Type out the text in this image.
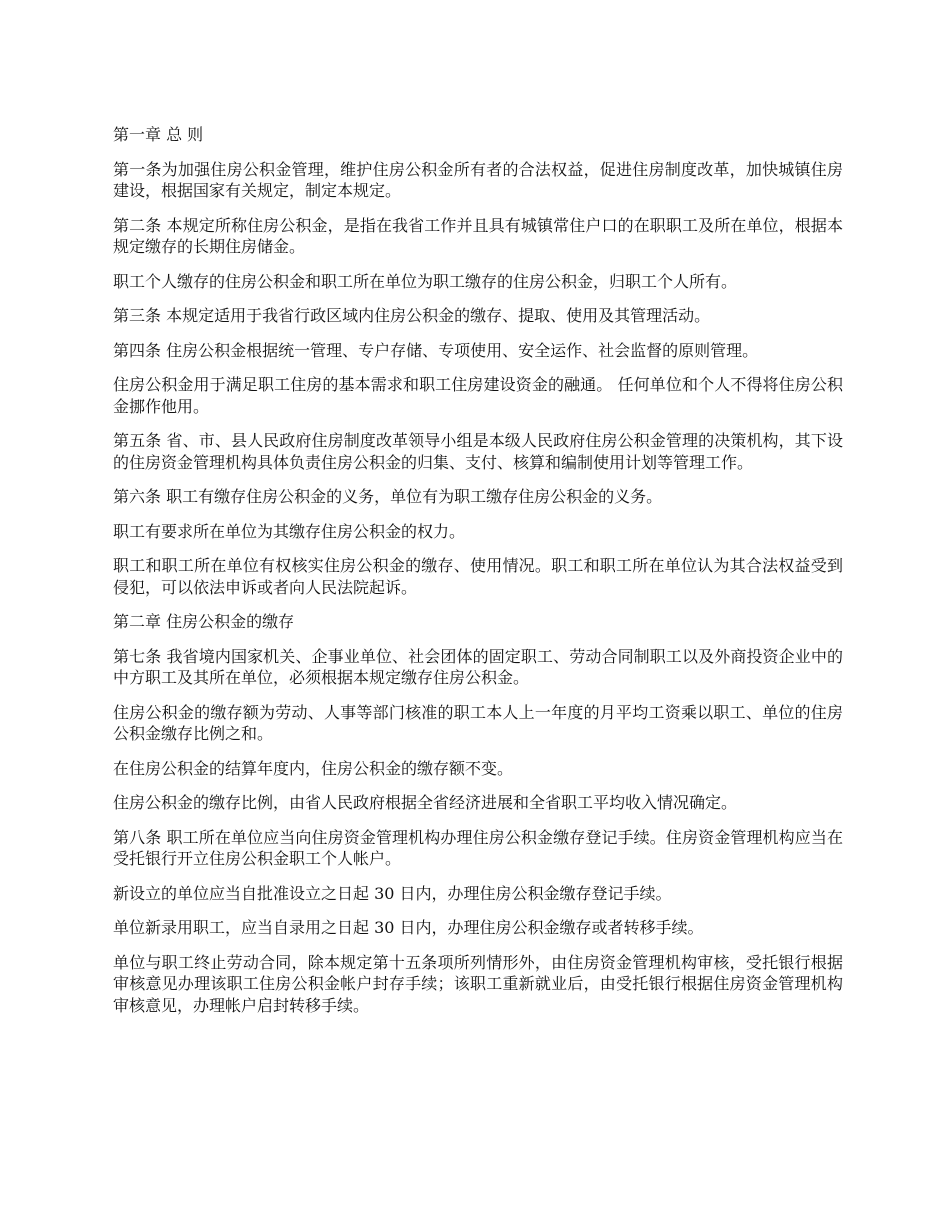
第一章 总 则

第一条为加强住房公积金管理，维护住房公积金所有者的合法权益，促进住房制度改革，加快城镇住房建设，根据国家有关规定，制定本规定。

第二条 本规定所称住房公积金，是指在我省工作并且具有城镇常住户口的在职职工及所在单位，根据本规定缴存的长期住房储金。

职工个人缴存的住房公积金和职工所在单位为职工缴存的住房公积金，归职工个人所有。

第三条 本规定适用于我省行政区域内住房公积金的缴存、提取、使用及其管理活动。

第四条 住房公积金根据统一管理、专户存储、专项使用、安全运作、社会监督的原则管理。

住房公积金用于满足职工住房的基本需求和职工住房建设资金的融通。 任何单位和个人不得将住房公积金挪作他用。

第五条 省、市、县人民政府住房制度改革领导小组是本级人民政府住房公积金管理的决策机构，其下设的住房资金管理机构具体负责住房公积金的归集、支付、核算和编制使用计划等管理工作。

第六条 职工有缴存住房公积金的义务，单位有为职工缴存住房公积金的义务。

职工有要求所在单位为其缴存住房公积金的权力。

职工和职工所在单位有权核实住房公积金的缴存、使用情况。职工和职工所在单位认为其合法权益受到侵犯，可以依法申诉或者向人民法院起诉。

第二章 住房公积金的缴存

第七条 我省境内国家机关、企事业单位、社会团体的固定职工、劳动合同制职工以及外商投资企业中的中方职工及其所在单位，必须根据本规定缴存住房公积金。

住房公积金的缴存额为劳动、人事等部门核准的职工本人上一年度的月平均工资乘以职工、单位的住房公积金缴存比例之和。

在住房公积金的结算年度内，住房公积金的缴存额不变。

住房公积金的缴存比例，由省人民政府根据全省经济进展和全省职工平均收入情况确定。

第八条 职工所在单位应当向住房资金管理机构办理住房公积金缴存登记手续。住房资金管理机构应当在受托银行开立住房公积金职工个人帐户。

新设立的单位应当自批准设立之日起 30 日内，办理住房公积金缴存登记手续。

单位新录用职工，应当自录用之日起 30 日内，办理住房公积金缴存或者转移手续。

单位与职工终止劳动合同，除本规定第十五条项所列情形外，由住房资金管理机构审核，受托银行根据审核意见办理该职工住房公积金帐户封存手续；该职工重新就业后，由受托银行根据住房资金管理机构审核意见，办理帐户启封转移手续。
